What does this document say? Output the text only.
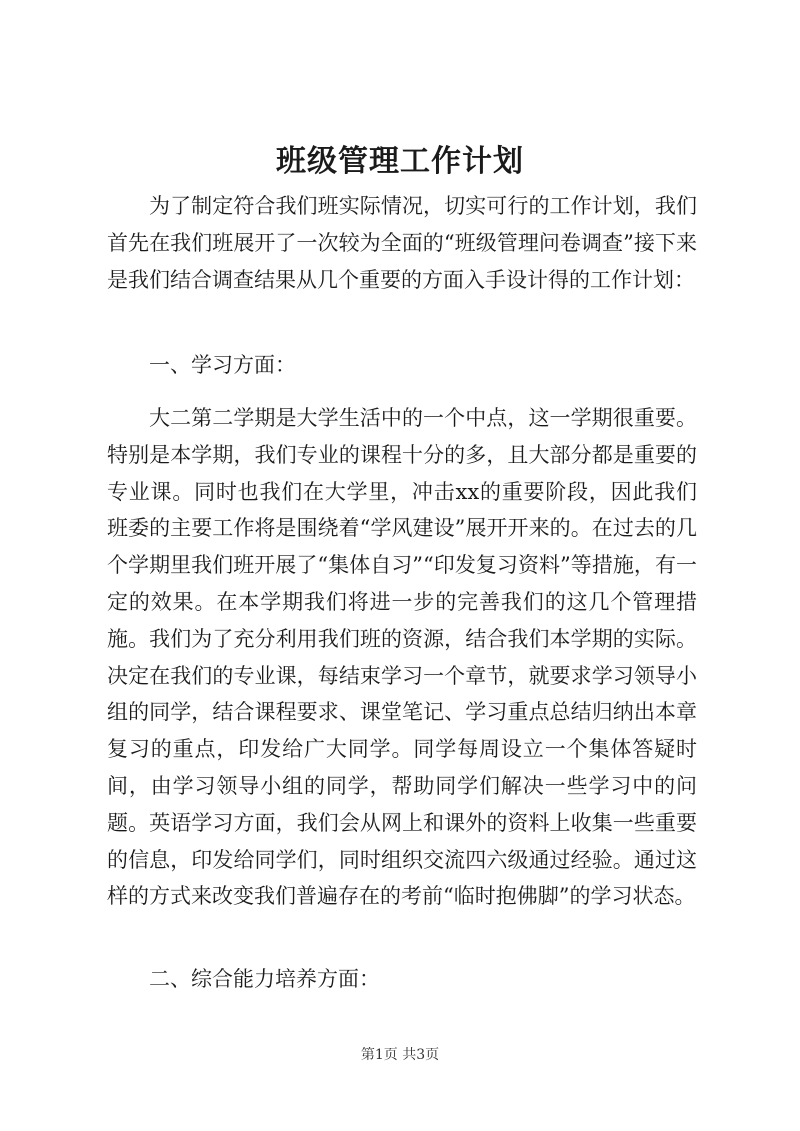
班级管理工作计划

为了制定符合我们班实际情况，切实可行的工作计划，我们首先在我们班展开了一次较为全面的“班级管理问卷调查”接下来是我们结合调查结果从几个重要的方面入手设计得的工作计划：

一、学习方面：

大二第二学期是大学生活中的一个中点，这一学期很重要。特别是本学期，我们专业的课程十分的多，且大部分都是重要的专业课。同时也我们在大学里，冲击xx的重要阶段，因此我们班委的主要工作将是围绕着“学风建设”展开开来的。在过去的几个学期里我们班开展了“集体自习”“印发复习资料”等措施，有一定的效果。在本学期我们将进一步的完善我们的这几个管理措施。我们为了充分利用我们班的资源，结合我们本学期的实际。决定在我们的专业课，每结束学习一个章节，就要求学习领导小组的同学，结合课程要求、课堂笔记、学习重点总结归纳出本章复习的重点，印发给广大同学。同学每周设立一个集体答疑时间，由学习领导小组的同学，帮助同学们解决一些学习中的问题。英语学习方面，我们会从网上和课外的资料上收集一些重要的信息，印发给同学们，同时组织交流四六级通过经验。通过这样的方式来改变我们普遍存在的考前“临时抱佛脚”的学习状态。

二、综合能力培养方面：

第1页 共3页
